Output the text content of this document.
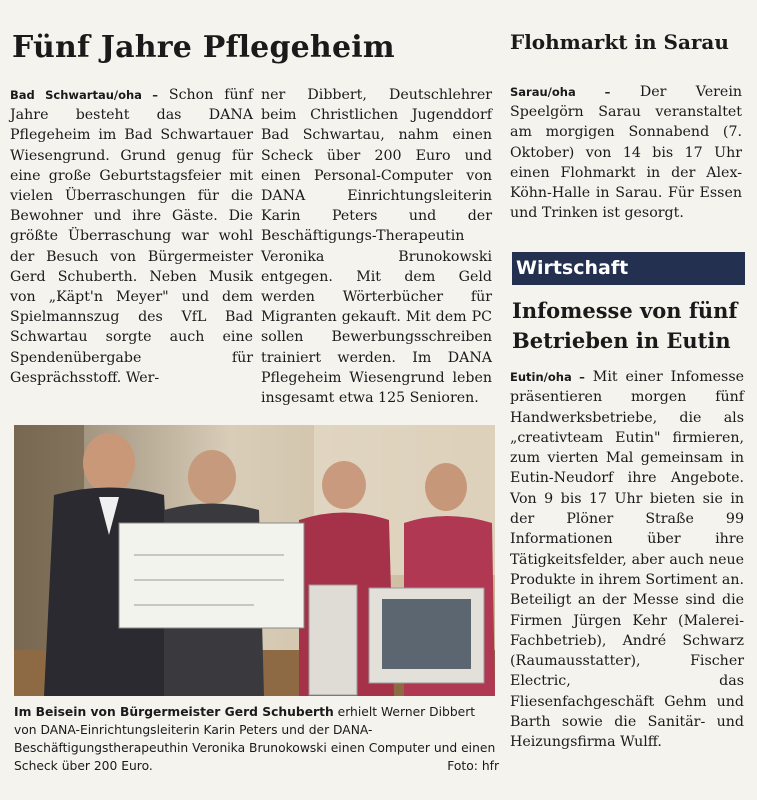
Fünf Jahre Pflegeheim
Bad Schwartau/oha – Schon fünf Jahre besteht das DANA Pflegeheim im Bad Schwartauer Wiesengrund. Grund genug für eine große Geburtstagsfeier mit vielen Überraschungen für die Bewohner und ihre Gäste. Die größte Überraschung war wohl der Besuch von Bürgermeister Gerd Schuberth. Neben Musik von „Käpt'n Meyer" und dem Spielmannszug des VfL Bad Schwartau sorgte auch eine Spendenübergabe für Gesprächsstoff. Wer-
ner Dibbert, Deutschlehrer beim Christlichen Jugenddorf Bad Schwartau, nahm einen Scheck über 200 Euro und einen Personal-Computer von DANA Einrichtungsleiterin Karin Peters und der Beschäftigungs-Therapeutin Veronika Brunokowski entgegen. Mit dem Geld werden Wörterbücher für Migranten gekauft. Mit dem PC sollen Bewerbungsschreiben trainiert werden. Im DANA Pflegeheim Wiesengrund leben insgesamt etwa 125 Senioren.
Im Beisein von Bürgermeister Gerd Schuberth erhielt Werner Dibbert von DANA-Einrichtungsleiterin Karin Peters und der DANA-Beschäftigungstherapeuthin Veronika Brunokowski einen Computer und einen Scheck über 200 Euro.	Foto: hfr
Flohmarkt in Sarau
Sarau/oha – Der Verein Speelgörn Sarau veranstaltet am morgigen Sonnabend (7. Oktober) von 14 bis 17 Uhr einen Flohmarkt in der Alex-Köhn-Halle in Sarau. Für Essen und Trinken ist gesorgt.
Wirtschaft
Infomesse von fünf Betrieben in Eutin
Eutin/oha – Mit einer Infomesse präsentieren morgen fünf Handwerksbetriebe, die als „creativteam Eutin" firmieren, zum vierten Mal gemeinsam in Eutin-Neudorf ihre Angebote. Von 9 bis 17 Uhr bieten sie in der Plöner Straße 99 Informationen über ihre Tätigkeitsfelder, aber auch neue Produkte in ihrem Sortiment an. Beteiligt an der Messe sind die Firmen Jürgen Kehr (Malerei-Fachbetrieb), André Schwarz (Raumausstatter), Fischer Electric, das Fliesenfachgeschäft Gehm und Barth sowie die Sanitär- und Heizungsfirma Wulff.
